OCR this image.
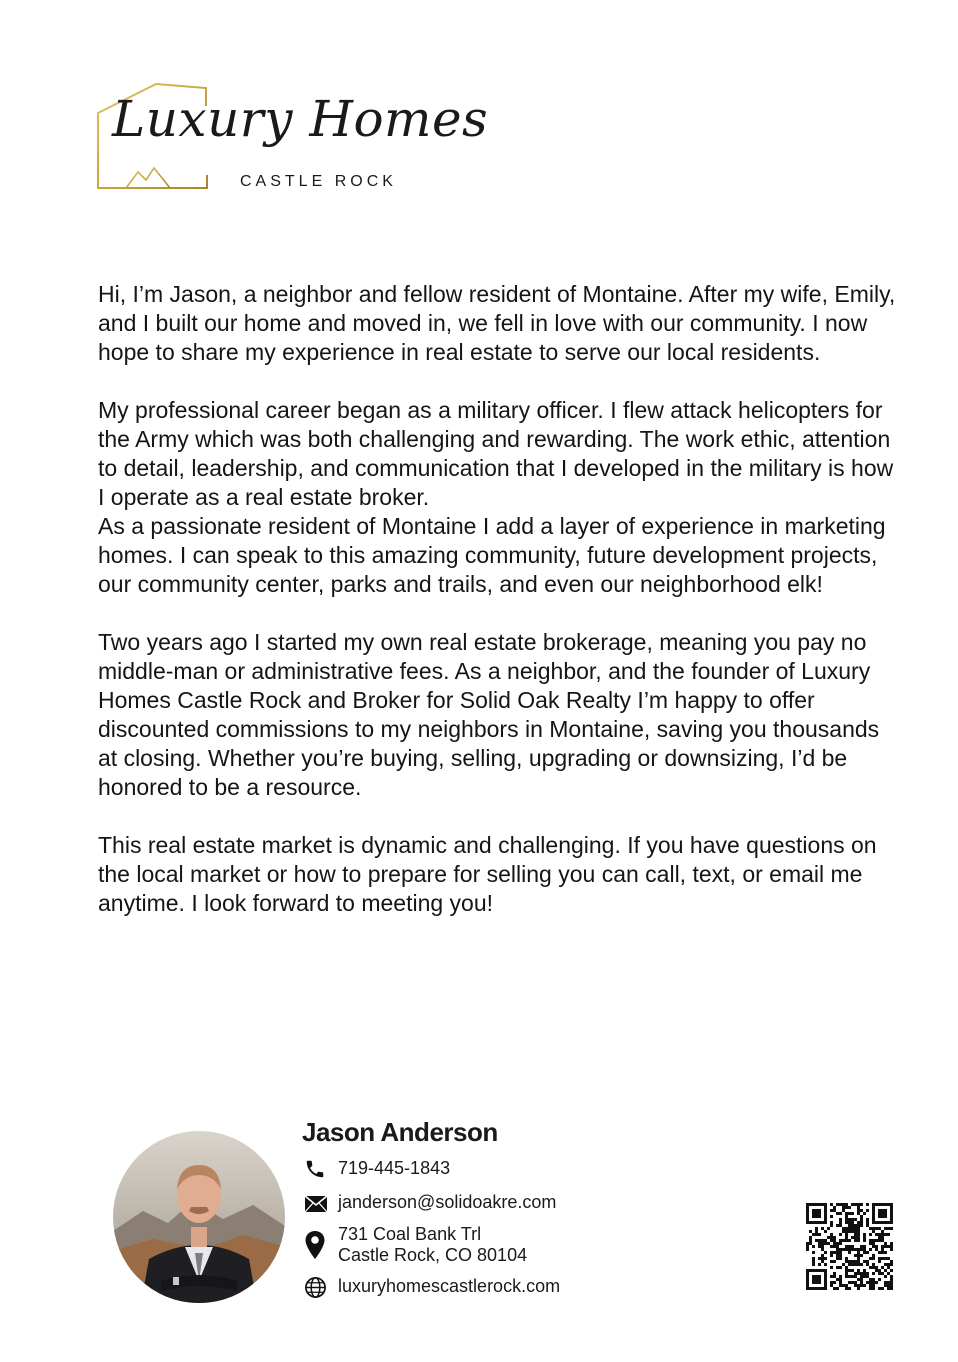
Luxury Homes
CASTLE ROCK

Hi, I’m Jason, a neighbor and fellow resident of Montaine. After my wife, Emily, and I built our home and moved in, we fell in love with our community. I now hope to share my experience in real estate to serve our local residents.

My professional career began as a military officer. I flew attack helicopters for the Army which was both challenging and rewarding. The work ethic, attention to detail, leadership, and communication that I developed in the military is how I operate as a real estate broker.

As a passionate resident of Montaine I add a layer of experience in marketing homes. I can speak to this amazing community, future development projects, our community center, parks and trails, and even our neighborhood elk!

Two years ago I started my own real estate brokerage, meaning you pay no middle-man or administrative fees. As a neighbor, and the founder of Luxury Homes Castle Rock and Broker for Solid Oak Realty I’m happy to offer discounted commissions to my neighbors in Montaine, saving you thousands at closing. Whether you’re buying, selling, upgrading or downsizing, I’d be honored to be a resource.

This real estate market is dynamic and challenging. If you have questions on the local market or how to prepare for selling you can call, text, or email me anytime. I look forward to meeting you!

Jason Anderson
719-445-1843
janderson@solidoakre.com
731 Coal Bank Trl
Castle Rock, CO 80104
luxuryhomescastlerock.com
